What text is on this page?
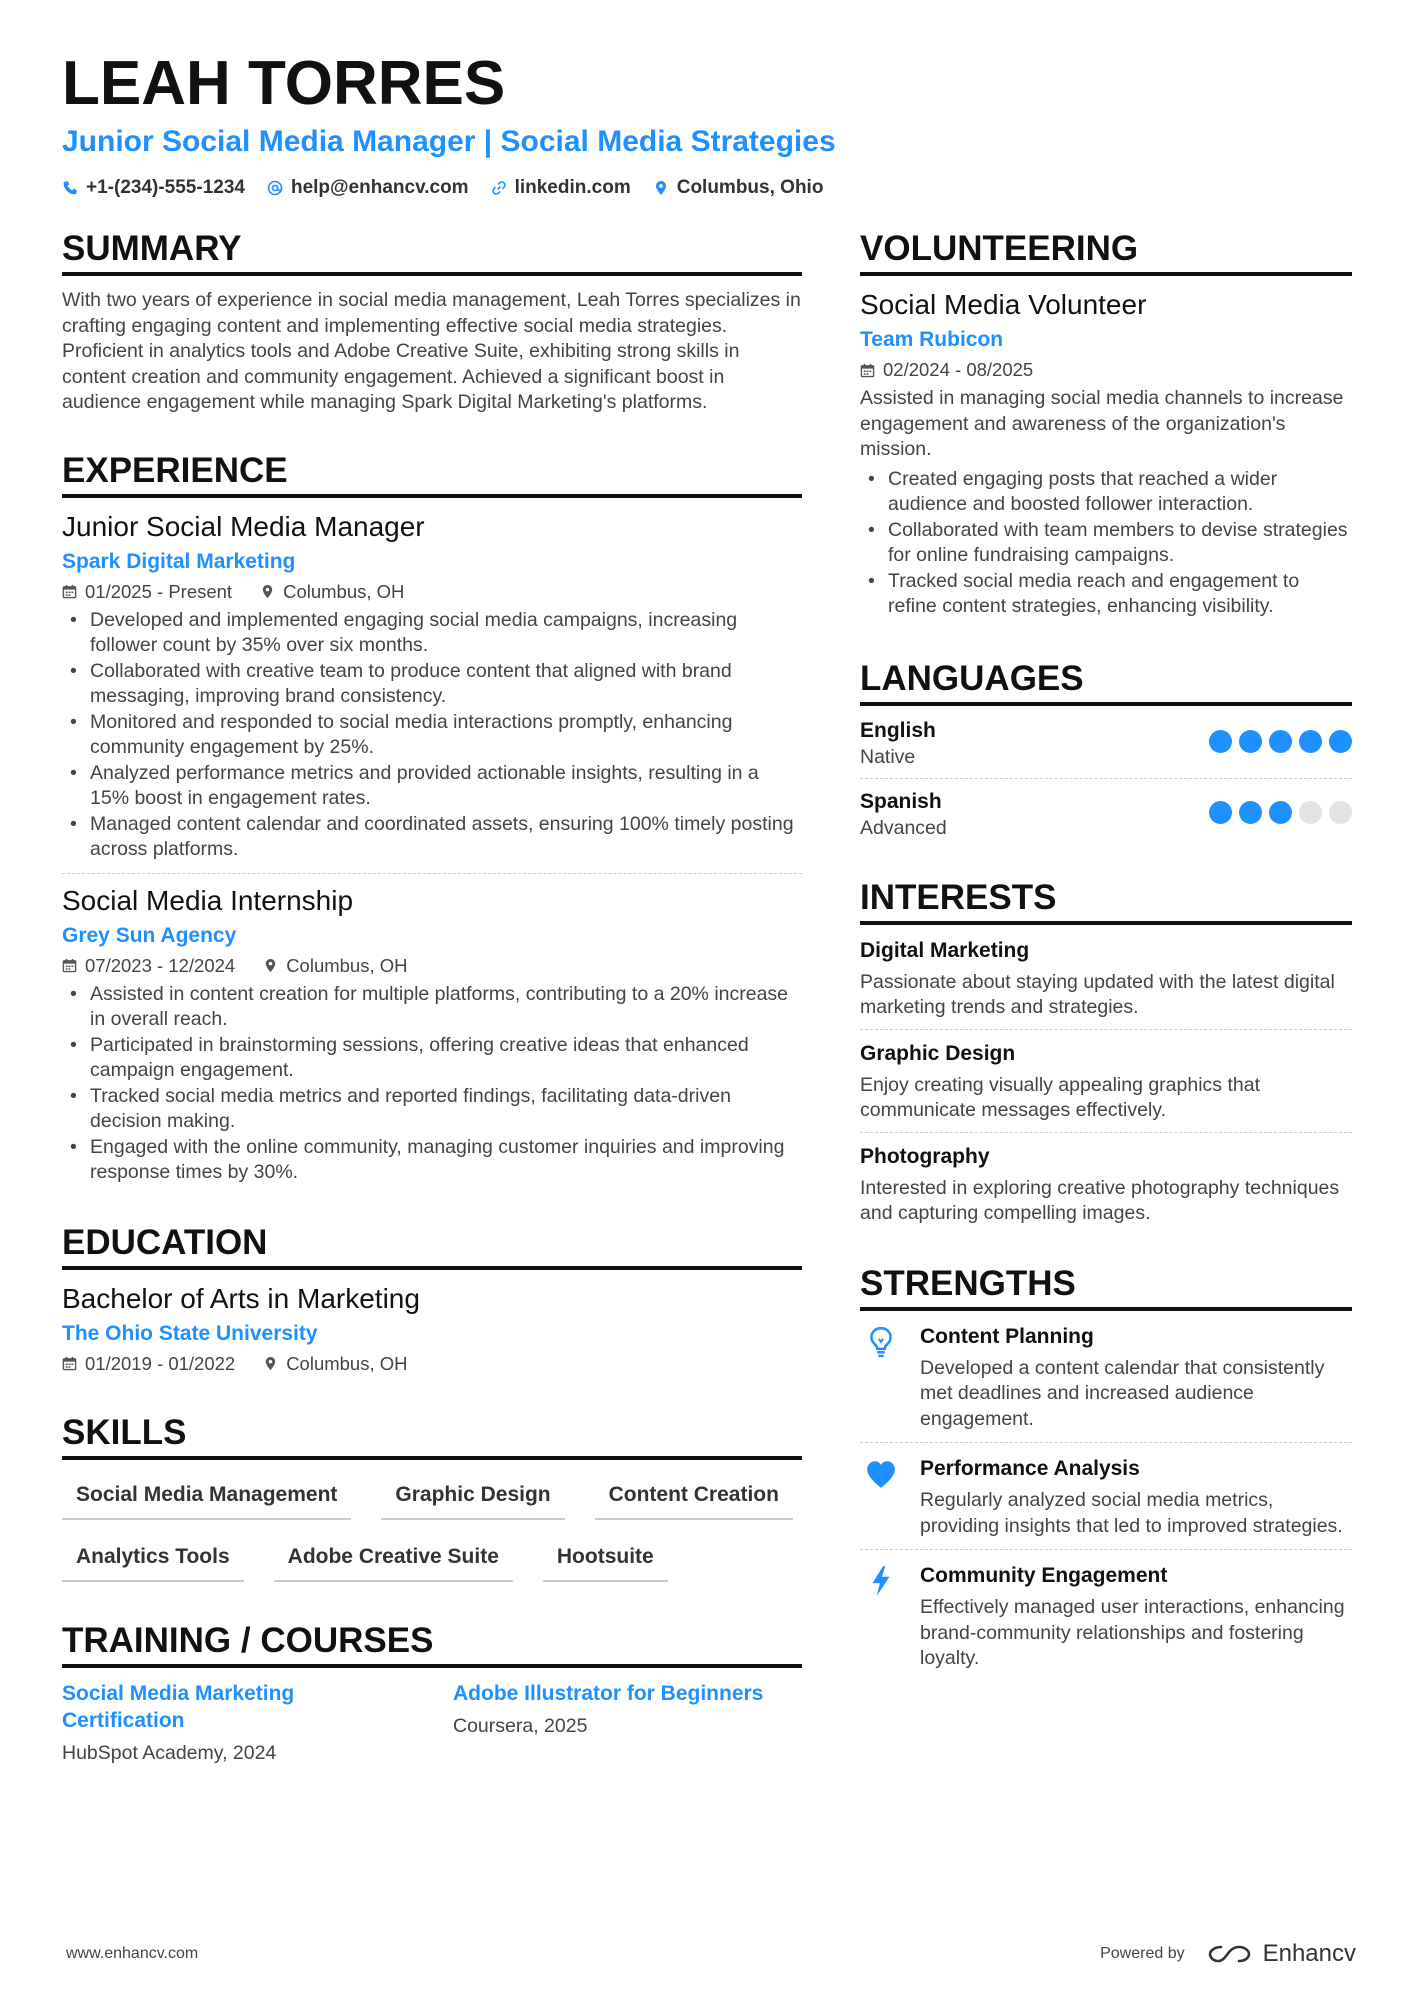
LEAH TORRES
Junior Social Media Manager | Social Media Strategies
+1-(234)-555-1234 help@enhancv.com linkedin.com Columbus, Ohio
SUMMARY
With two years of experience in social media management, Leah Torres specializes in crafting engaging content and implementing effective social media strategies. Proficient in analytics tools and Adobe Creative Suite, exhibiting strong skills in content creation and community engagement. Achieved a significant boost in audience engagement while managing Spark Digital Marketing's platforms.
EXPERIENCE
Junior Social Media Manager
Spark Digital Marketing
01/2025 - Present	Columbus, OH
• Developed and implemented engaging social media campaigns, increasing follower count by 35% over six months.
• Collaborated with creative team to produce content that aligned with brand messaging, improving brand consistency.
• Monitored and responded to social media interactions promptly, enhancing community engagement by 25%.
• Analyzed performance metrics and provided actionable insights, resulting in a 15% boost in engagement rates.
• Managed content calendar and coordinated assets, ensuring 100% timely posting across platforms.
Social Media Internship
Grey Sun Agency
07/2023 - 12/2024	Columbus, OH
• Assisted in content creation for multiple platforms, contributing to a 20% increase in overall reach.
• Participated in brainstorming sessions, offering creative ideas that enhanced campaign engagement.
• Tracked social media metrics and reported findings, facilitating data-driven decision making.
• Engaged with the online community, managing customer inquiries and improving response times by 30%.
EDUCATION
Bachelor of Arts in Marketing
The Ohio State University
01/2019 - 01/2022	Columbus, OH
SKILLS
Social Media Management	Graphic Design	Content Creation
Analytics Tools	Adobe Creative Suite	Hootsuite
TRAINING / COURSES
Social Media Marketing Certification
HubSpot Academy, 2024
Adobe Illustrator for Beginners
Coursera, 2025
VOLUNTEERING
Social Media Volunteer
Team Rubicon
02/2024 - 08/2025
Assisted in managing social media channels to increase engagement and awareness of the organization's mission.
• Created engaging posts that reached a wider audience and boosted follower interaction.
• Collaborated with team members to devise strategies for online fundraising campaigns.
• Tracked social media reach and engagement to refine content strategies, enhancing visibility.
LANGUAGES
English
Native
Spanish
Advanced
INTERESTS
Digital Marketing
Passionate about staying updated with the latest digital marketing trends and strategies.
Graphic Design
Enjoy creating visually appealing graphics that communicate messages effectively.
Photography
Interested in exploring creative photography techniques and capturing compelling images.
STRENGTHS
Content Planning
Developed a content calendar that consistently met deadlines and increased audience engagement.
Performance Analysis
Regularly analyzed social media metrics, providing insights that led to improved strategies.
Community Engagement
Effectively managed user interactions, enhancing brand-community relationships and fostering loyalty.
www.enhancv.com	Powered by	Enhancv
